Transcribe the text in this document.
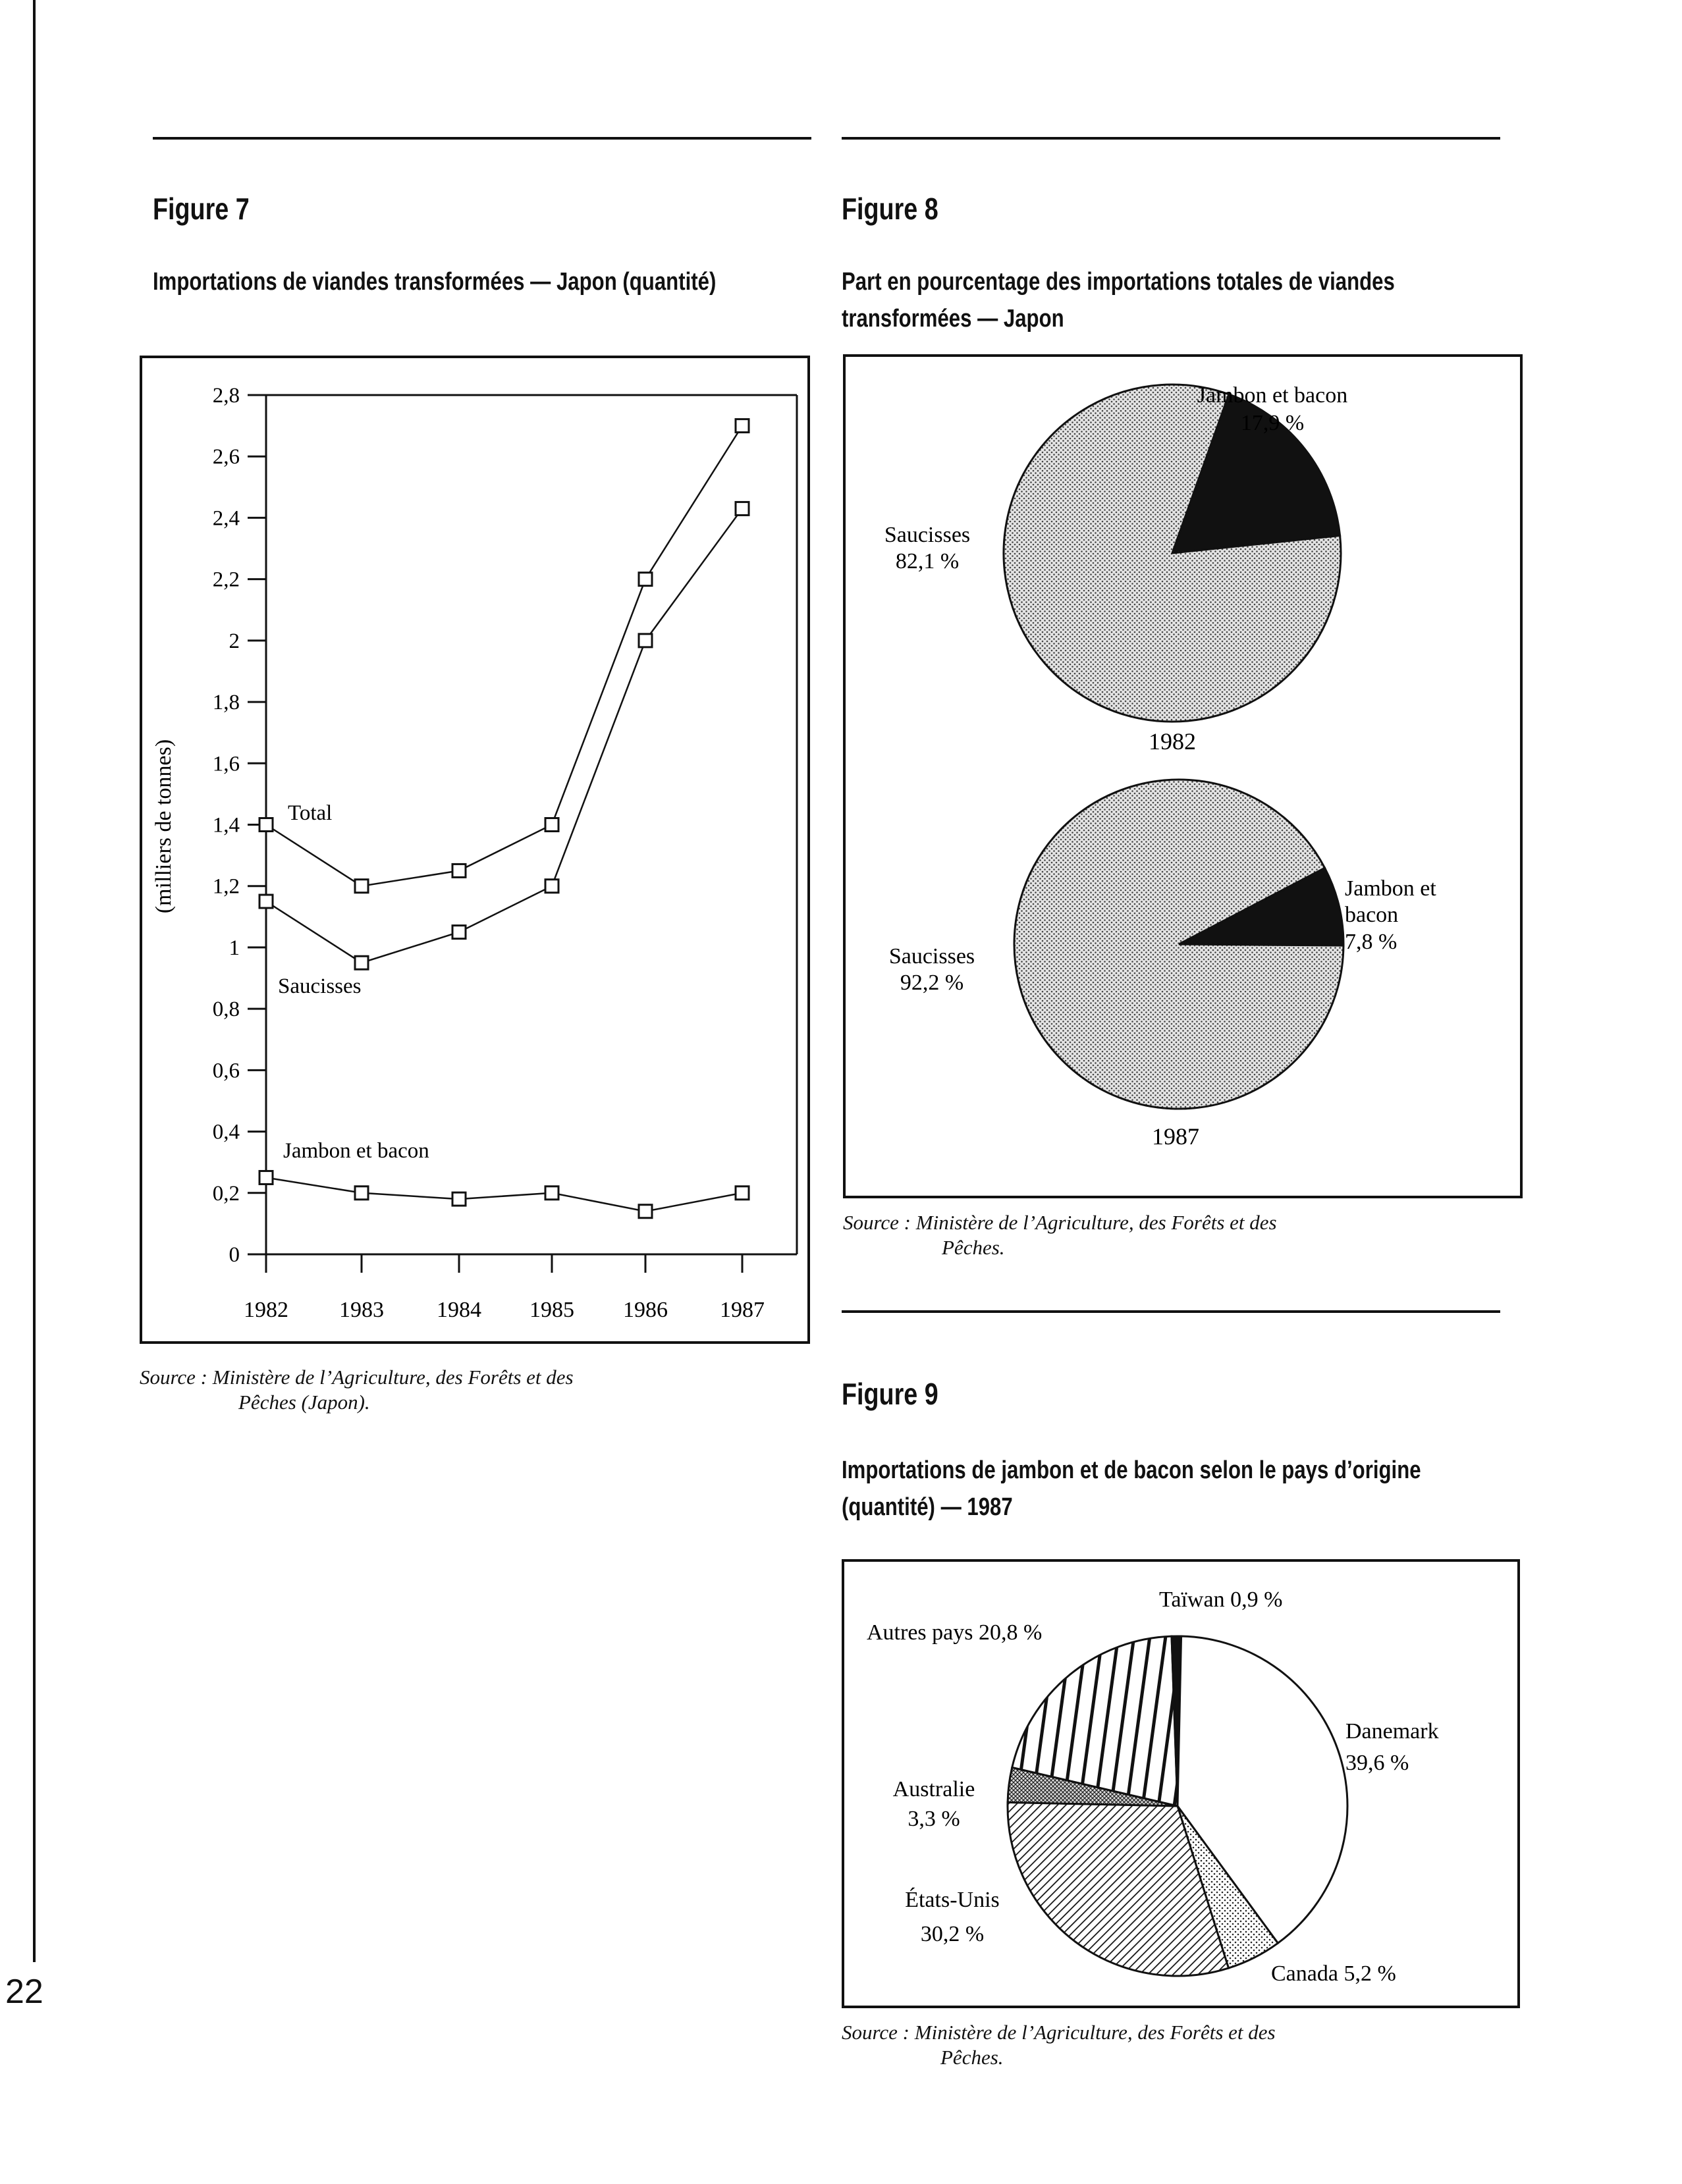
Figure 7
Importations de viandes transformées — Japon (quantité)
0
0,2
0,4
0,6
0,8
1
1,2
1,4
1,6
1,8
2
2,2
2,4
2,6
2,8
1982 1983 1984 1985 1986 1987
(milliers de tonnes)	Total
Saucisses
Jambon et bacon
Source : Ministère de l’Agriculture, des Forêts et des
Pêches (Japon).
Figure 8
Part en pourcentage des importations totales de viandes transformées — Japon
Jambon et bacon
17,9 %
Saucisses
82,1 %
1982
Jambon et
bacon
7,8 %
Saucisses
92,2 %
1987
Source : Ministère de l’Agriculture, des Forêts et des
Pêches.
Figure 9
Importations de jambon et de bacon selon le pays d’origine (quantité) — 1987
Taïwan 0,9 %
Danemark
39,6 %
Canada 5,2 %
États-Unis
30,2 %
Australie
3,3 %
Autres pays 20,8 %
Source : Ministère de l’Agriculture, des Forêts et des
Pêches.
22
